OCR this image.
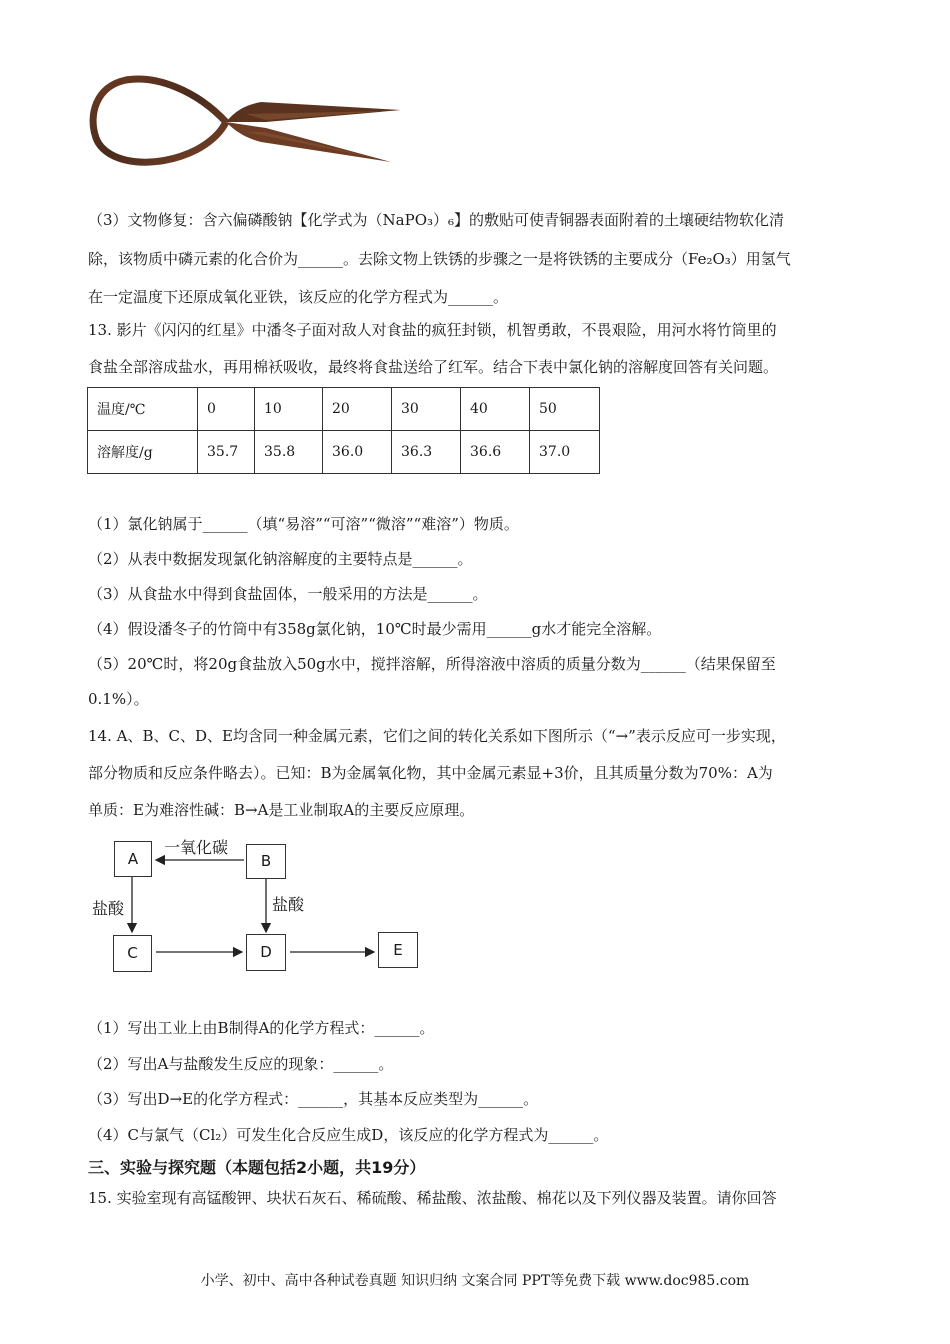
（3）文物修复：含六偏磷酸钠【化学式为（NaPO₃）₆】的敷贴可使青铜器表面附着的土壤硬结物软化清
除，该物质中磷元素的化合价为______。去除文物上铁锈的步骤之一是将铁锈的主要成分（Fe₂O₃）用氢气
在一定温度下还原成氧化亚铁，该反应的化学方程式为______。
13. 影片《闪闪的红星》中潘冬子面对敌人对食盐的疯狂封锁，机智勇敢，不畏艰险，用河水将竹筒里的
食盐全部溶成盐水，再用棉袄吸收，最终将食盐送给了红军。结合下表中氯化钠的溶解度回答有关问题。
温度/℃	0	10	20	30	40	50
溶解度/g	35.7	35.8	36.0	36.3	36.6	37.0
（1）氯化钠属于______（填“易溶”“可溶”“微溶”“难溶”）物质。
（2）从表中数据发现氯化钠溶解度的主要特点是______。
（3）从食盐水中得到食盐固体，一般采用的方法是______。
（4）假设潘冬子的竹筒中有358g氯化钠，10℃时最少需用______g水才能完全溶解。
（5）20℃时，将20g食盐放入50g水中，搅拌溶解，所得溶液中溶质的质量分数为______（结果保留至
0.1%）。
14. A、B、C、D、E均含同一种金属元素，它们之间的转化关系如下图所示（“→”表示反应可一步实现，
部分物质和反应条件略去）。已知：B为金属氧化物，其中金属元素显+3价，且其质量分数为70%：A为
单质：E为难溶性碱：B→A是工业制取A的主要反应原理。
A	B
C	D	E
一氧化碳
盐酸	盐酸
（1）写出工业上由B制得A的化学方程式：______。
（2）写出A与盐酸发生反应的现象：______。
（3）写出D→E的化学方程式：______，其基本反应类型为______。
（4）C与氯气（Cl₂）可发生化合反应生成D，该反应的化学方程式为______。
三、实验与探究题（本题包括2小题，共19分）
15. 实验室现有高锰酸钾、块状石灰石、稀硫酸、稀盐酸、浓盐酸、棉花以及下列仪器及装置。请你回答
小学、初中、高中各种试卷真题 知识归纳 文案合同 PPT等免费下载 www.doc985.com
